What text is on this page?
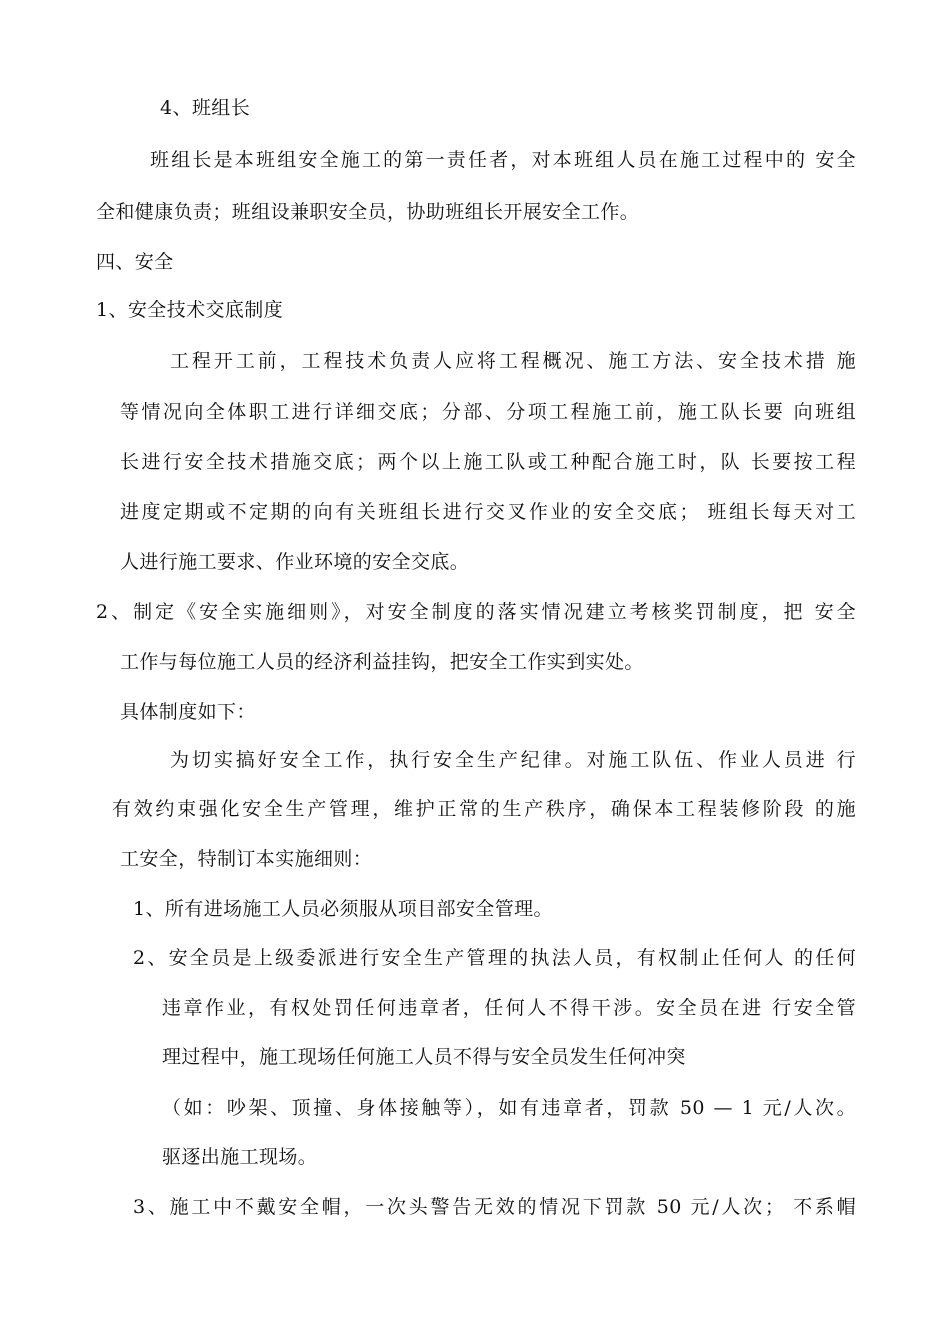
4、班组长
班组长是本班组安全施工的第一责任者，对本班组人员在施工过程中的 安全
全和健康负责；班组设兼职安全员，协助班组长开展安全工作。
四、安全
1、安全技术交底制度
工程开工前，工程技术负责人应将工程概况、施工方法、安全技术措 施
等情况向全体职工进行详细交底；分部、分项工程施工前，施工队长要 向班组
长进行安全技术措施交底；两个以上施工队或工种配合施工时，队 长要按工程
进度定期或不定期的向有关班组长进行交叉作业的安全交底； 班组长每天对工
人进行施工要求、作业环境的安全交底。
2、制定《安全实施细则》，对安全制度的落实情况建立考核奖罚制度，把 安全
工作与每位施工人员的经济利益挂钩，把安全工作实到实处。
具体制度如下：
为切实搞好安全工作，执行安全生产纪律。对施工队伍、作业人员进 行
有效约束强化安全生产管理，维护正常的生产秩序，确保本工程装修阶段 的施
工安全，特制订本实施细则：
1、所有进场施工人员必须服从项目部安全管理。
2、安全员是上级委派进行安全生产管理的执法人员，有权制止任何人 的任何
违章作业，有权处罚任何违章者，任何人不得干涉。安全员在进 行安全管
理过程中，施工现场任何施工人员不得与安全员发生任何冲突
（如：吵架、顶撞、身体接触等），如有违章者，罚款 50 — 1 元/人次。
驱逐出施工现场。
3、施工中不戴安全帽，一次头警告无效的情况下罚款 50 元/人次； 不系帽
